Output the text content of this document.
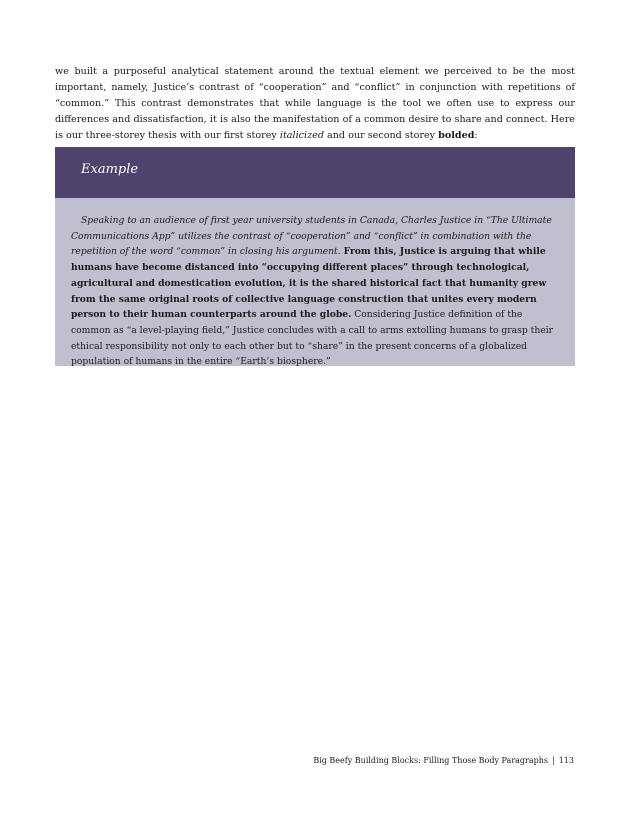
we built a purposeful analytical statement around the textual element we perceived to be the most important, namely, Justice’s contrast of “cooperation” and “conflict” in conjunction with repetitions of “common.” This contrast demonstrates that while language is the tool we often use to express our differences and dissatisfaction, it is also the manifestation of a common desire to share and connect. Here is our three-storey thesis with our first storey italicized and our second storey bolded:

Example

Speaking to an audience of first year university students in Canada, Charles Justice in “The Ultimate Communications App” utilizes the contrast of “cooperation” and “conflict” in combination with the repetition of the word “common” in closing his argument. From this, Justice is arguing that while humans have become distanced into “occupying different places” through technological, agricultural and domestication evolution, it is the shared historical fact that humanity grew from the same original roots of collective language construction that unites every modern person to their human counterparts around the globe. Considering Justice definition of the common as “a level-playing field,” Justice concludes with a call to arms extolling humans to grasp their ethical responsibility not only to each other but to “share” in the present concerns of a globalized population of humans in the entire “Earth’s biosphere.”

Big Beefy Building Blocks: Filling Those Body Paragraphs | 113
